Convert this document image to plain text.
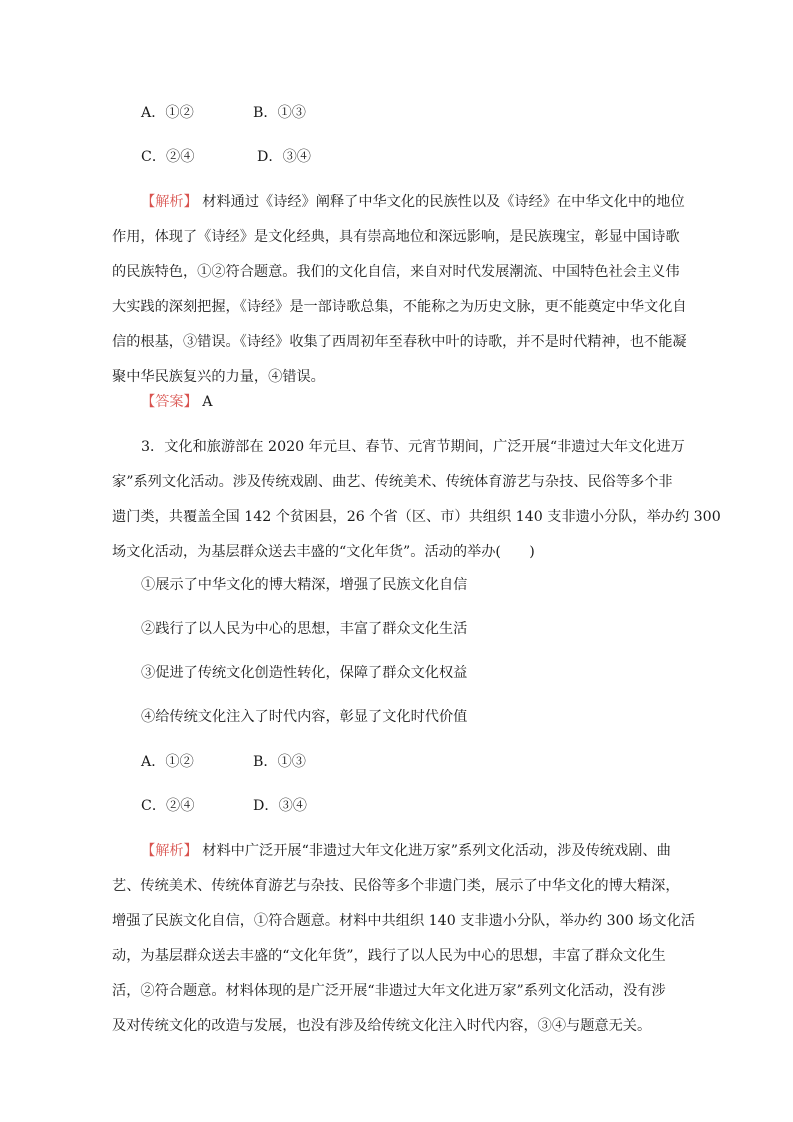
A．①②	B．①③
C．②④	D．③④
【解析】 材料通过《诗经》阐释了中华文化的民族性以及《诗经》在中华文化中的地位
作用，体现了《诗经》是文化经典，具有崇高地位和深远影响，是民族瑰宝，彰显中国诗歌
的民族特色，①②符合题意。我们的文化自信，来自对时代发展潮流、中国特色社会主义伟
大实践的深刻把握，《诗经》是一部诗歌总集，不能称之为历史文脉，更不能奠定中华文化自
信的根基，③错误。《诗经》收集了西周初年至春秋中叶的诗歌，并不是时代精神，也不能凝
聚中华民族复兴的力量，④错误。
【答案】 A
3．文化和旅游部在 2020 年元旦、春节、元宵节期间，广泛开展“非遗过大年文化进万
家”系列文化活动。涉及传统戏剧、曲艺、传统美术、传统体育游艺与杂技、民俗等多个非
遗门类，共覆盖全国 142 个贫困县，26 个省（区、市）共组织 140 支非遗小分队，举办约 300
场文化活动，为基层群众送去丰盛的“文化年货”。活动的举办(　　)
①展示了中华文化的博大精深，增强了民族文化自信
②践行了以人民为中心的思想，丰富了群众文化生活
③促进了传统文化创造性转化，保障了群众文化权益
④给传统文化注入了时代内容，彰显了文化时代价值
A．①②	B．①③
C．②④	D．③④
【解析】 材料中广泛开展“非遗过大年文化进万家”系列文化活动，涉及传统戏剧、曲
艺、传统美术、传统体育游艺与杂技、民俗等多个非遗门类，展示了中华文化的博大精深，
增强了民族文化自信，①符合题意。材料中共组织 140 支非遗小分队，举办约 300 场文化活
动，为基层群众送去丰盛的“文化年货”，践行了以人民为中心的思想，丰富了群众文化生
活，②符合题意。材料体现的是广泛开展“非遗过大年文化进万家”系列文化活动，没有涉
及对传统文化的改造与发展，也没有涉及给传统文化注入时代内容，③④与题意无关。
